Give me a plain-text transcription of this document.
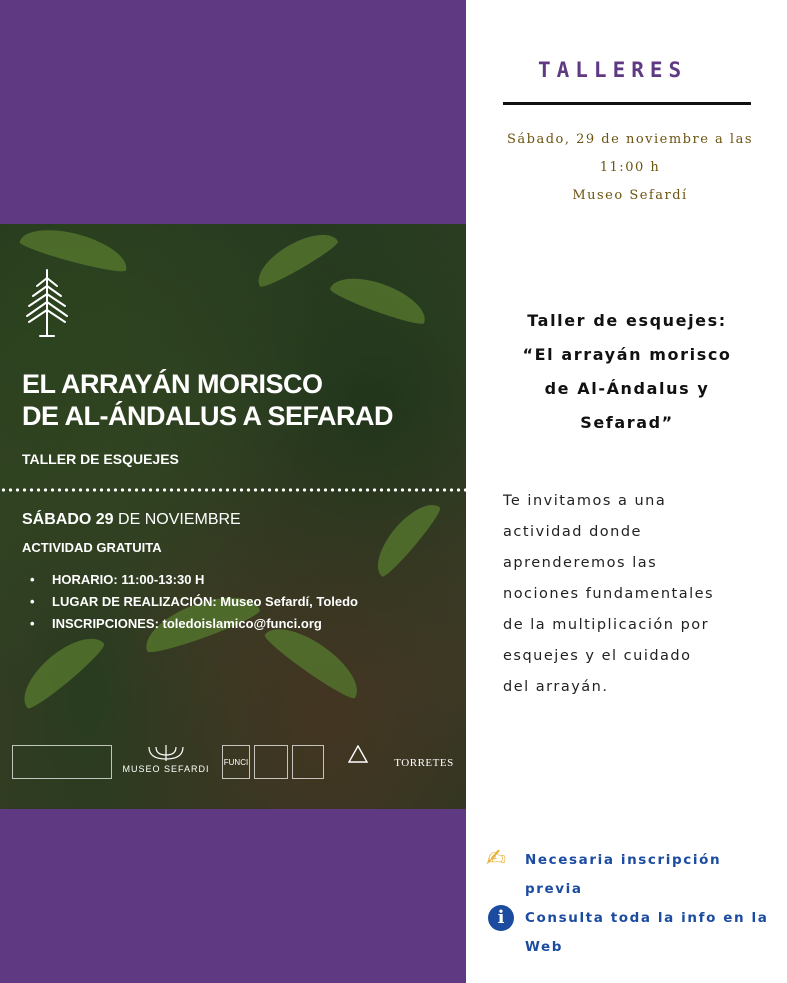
EL ARRAYÁN MORISCO
DE AL-ÁNDALUS A SEFARAD
TALLER DE ESQUEJES
SÁBADO 29 DE NOVIEMBRE
ACTIVIDAD GRATUITA
• HORARIO: 11:00-13:30 H
• LUGAR DE REALIZACIÓN: Museo Sefardí, Toledo
• INSCRIPCIONES: toledoislamico@funci.org
MUSEO SEFARDI
FUNCI	TORRETES
TALLERES
Sábado, 29 de noviembre a las
11:00 h
Museo Sefardí
Taller de esquejes:
“El arrayán morisco
de Al-Ándalus y
Sefarad”
Te invitamos a una
actividad donde
aprenderemos las
nociones fundamentales
de la multiplicación por
esquejes y el cuidado
del arrayán.
✍	Necesaria inscripción
previa
i	Consulta toda la info en la
Web
